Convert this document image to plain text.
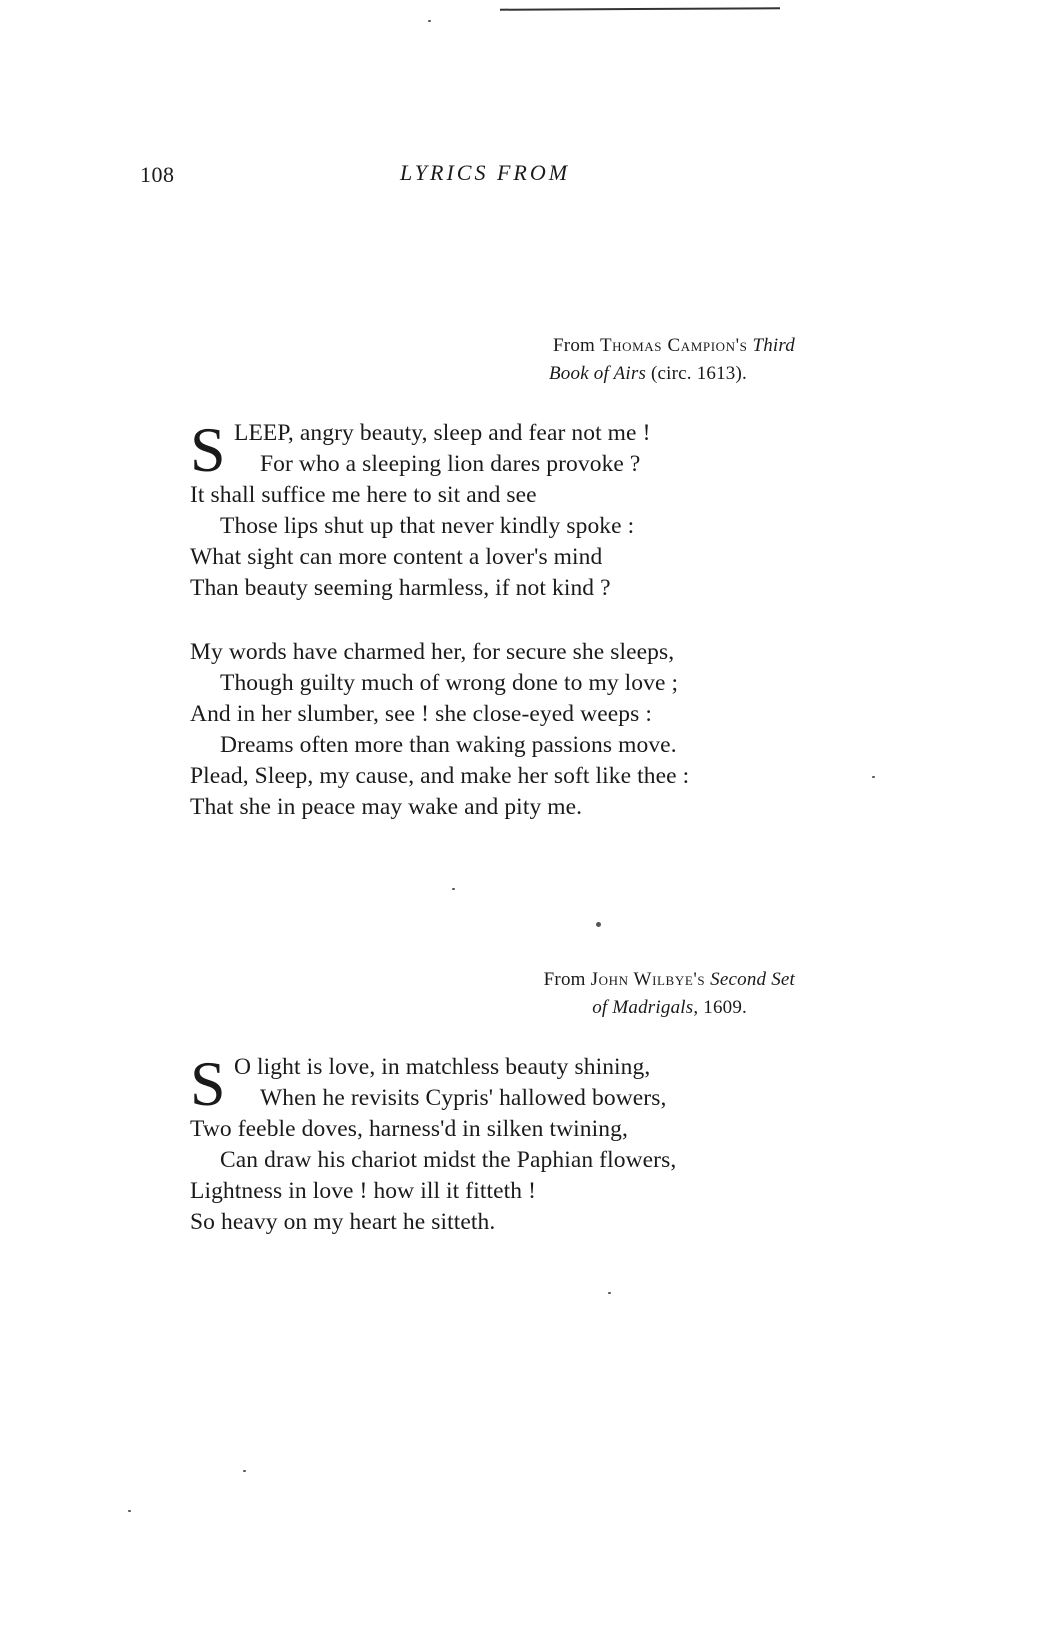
108	LYRICS FROM
From Thomas Campion's Third
Book of Airs (circ. 1613).
S LEEP, angry beauty, sleep and fear not me !
For who a sleeping lion dares provoke ?
It shall suffice me here to sit and see
Those lips shut up that never kindly spoke :
What sight can more content a lover's mind
Than beauty seeming harmless, if not kind ?
My words have charmed her, for secure she sleeps,
Though guilty much of wrong done to my love ;
And in her slumber, see ! she close-eyed weeps :
Dreams often more than waking passions move.
Plead, Sleep, my cause, and make her soft like thee :
That she in peace may wake and pity me.
From John Wilbye's Second Set
of Madrigals, 1609.
S O light is love, in matchless beauty shining,
When he revisits Cypris' hallowed bowers,
Two feeble doves, harness'd in silken twining,
Can draw his chariot midst the Paphian flowers,
Lightness in love ! how ill it fitteth !
So heavy on my heart he sitteth.
